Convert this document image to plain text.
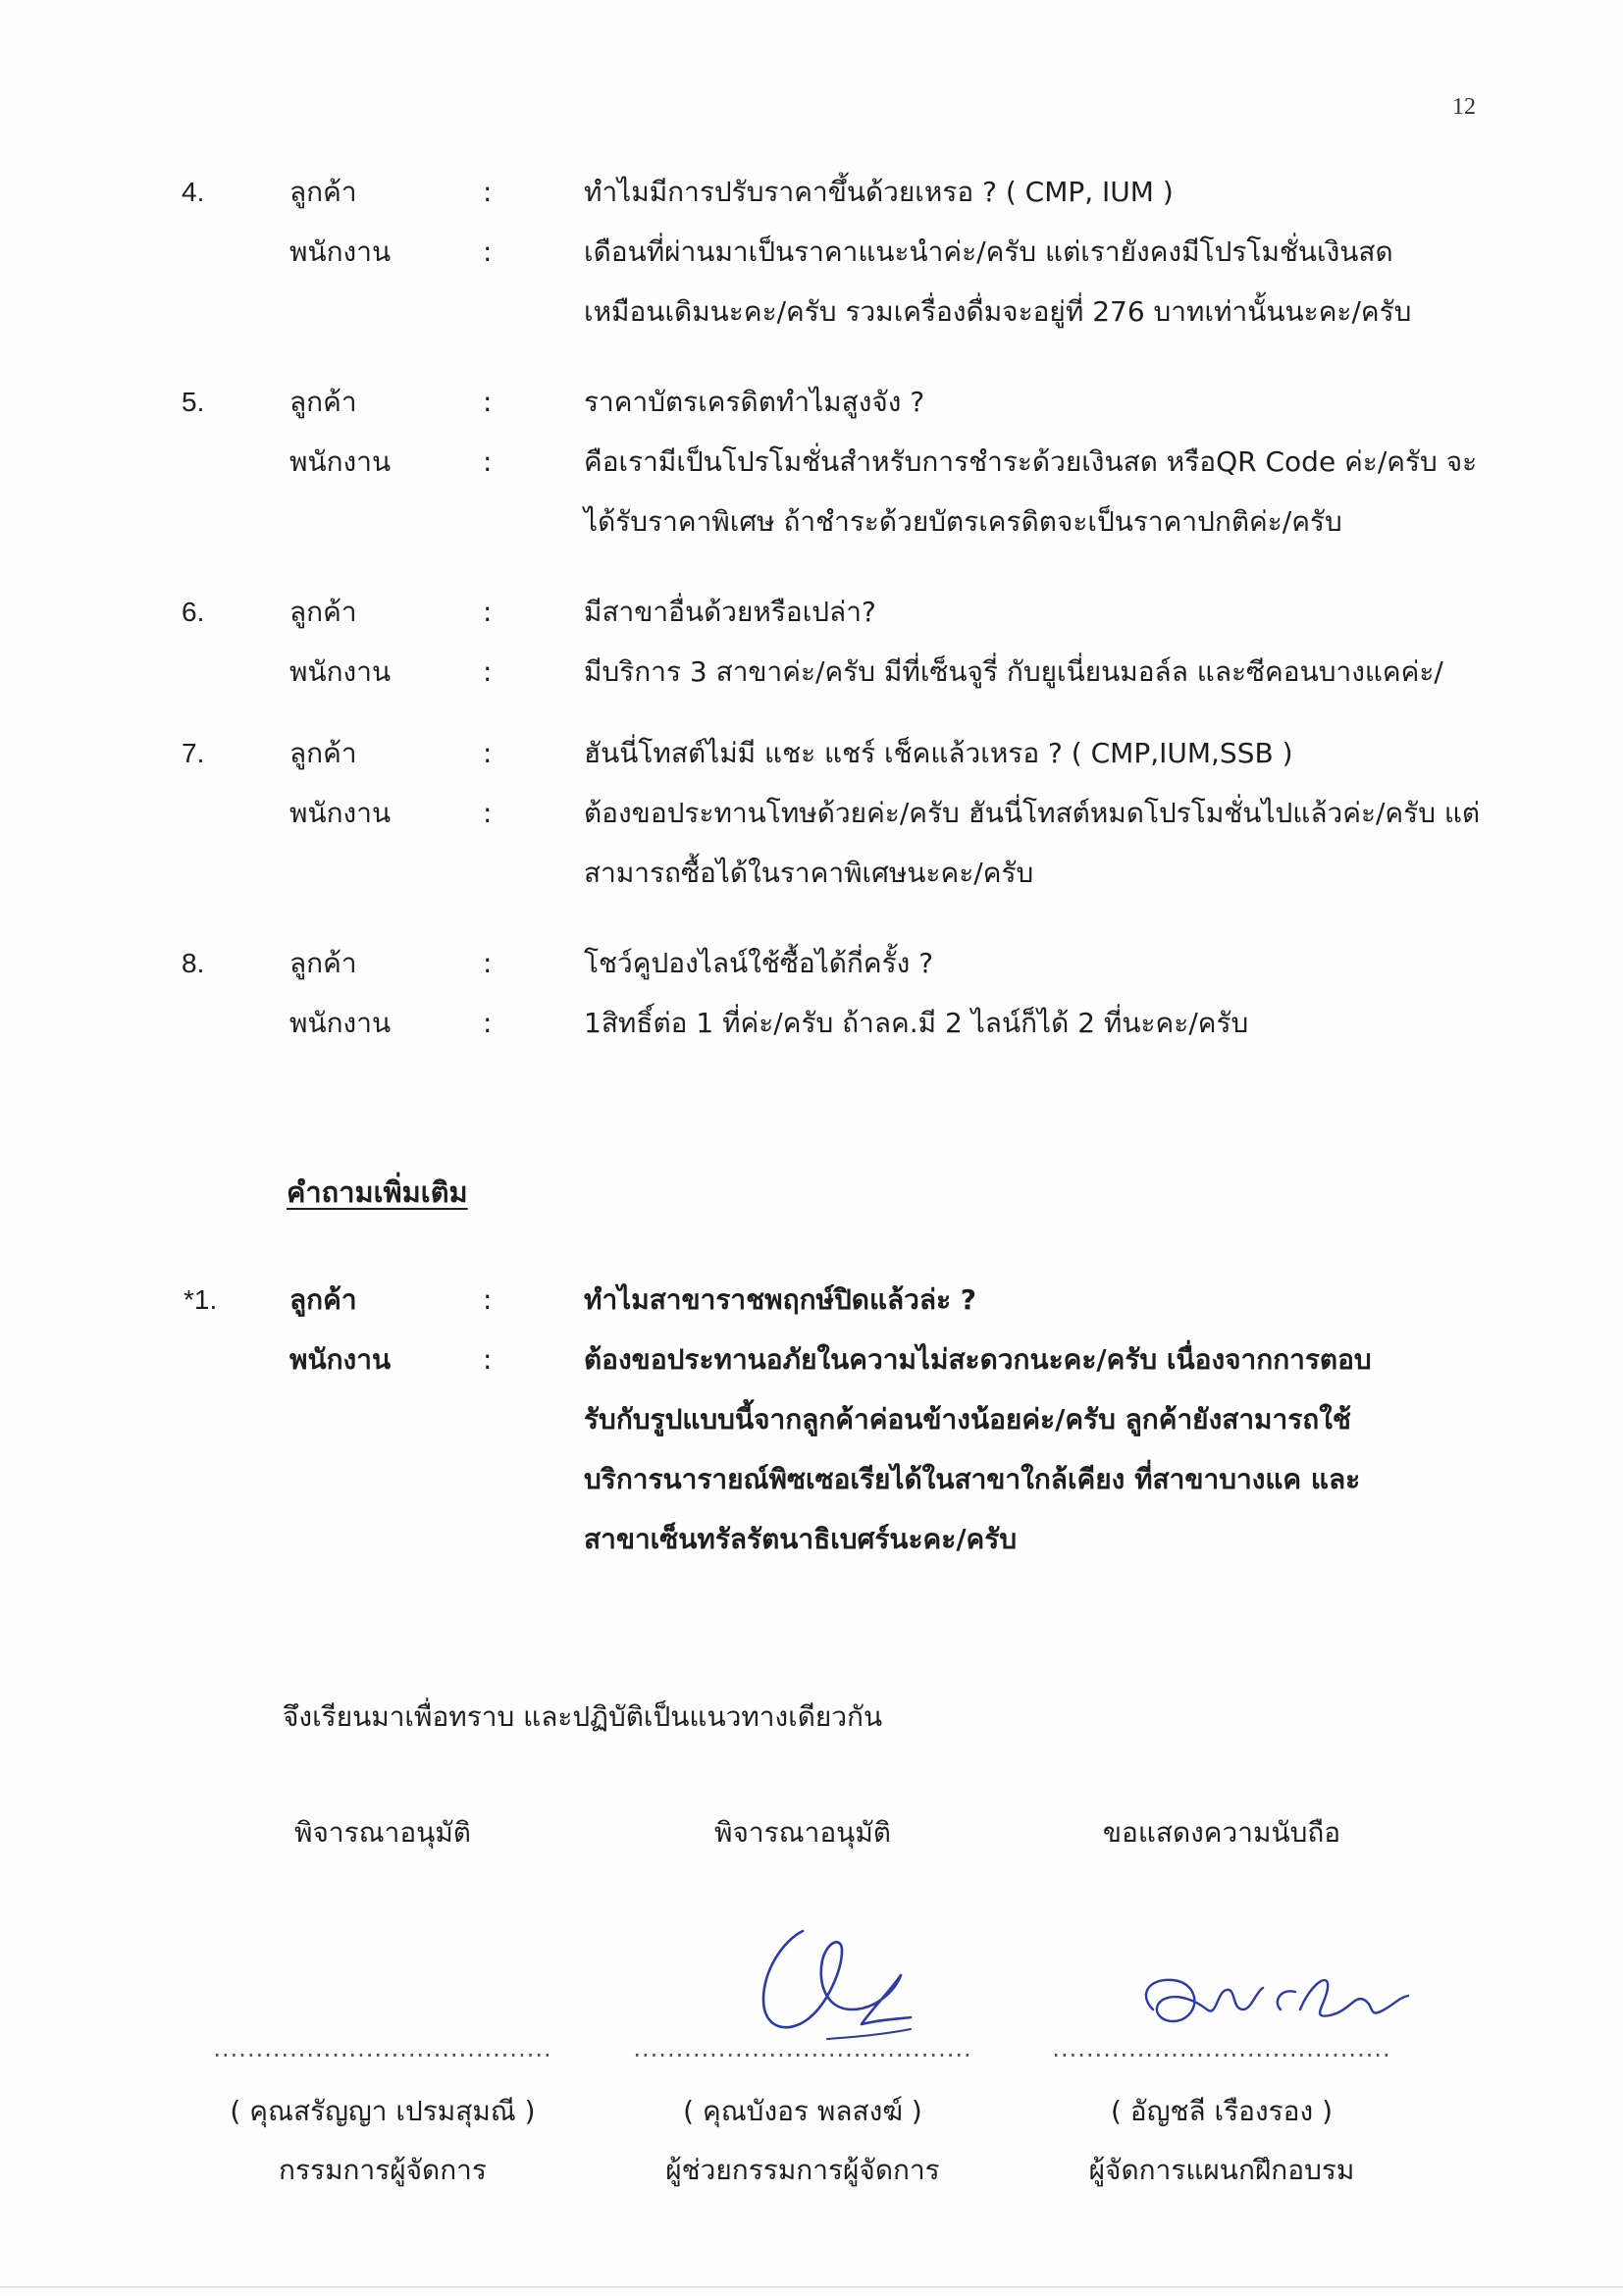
12
4.	ลูกค้า	:	ทำไมมีการปรับราคาขึ้นด้วยเหรอ ? ( CMP, IUM )
พนักงาน	:	เดือนที่ผ่านมาเป็นราคาแนะนำค่ะ/ครับ แต่เรายังคงมีโปรโมชั่นเงินสด
เหมือนเดิมนะคะ/ครับ รวมเครื่องดื่มจะอยู่ที่ 276 บาทเท่านั้นนะคะ/ครับ
5.	ลูกค้า	:	ราคาบัตรเครดิตทำไมสูงจัง ?
พนักงาน	:	คือเรามีเป็นโปรโมชั่นสำหรับการชำระด้วยเงินสด หรือQR Code ค่ะ/ครับ จะ
ได้รับราคาพิเศษ ถ้าชำระด้วยบัตรเครดิตจะเป็นราคาปกติค่ะ/ครับ
6.	ลูกค้า	:	มีสาขาอื่นด้วยหรือเปล่า?
พนักงาน	:	มีบริการ 3 สาขาค่ะ/ครับ มีที่เซ็นจูรี่ กับยูเนี่ยนมอล์ล และซีคอนบางแคค่ะ/
7.	ลูกค้า	:	ฮันนี่โทสต์ไม่มี แชะ แชร์ เช็คแล้วเหรอ ? ( CMP,IUM,SSB )
พนักงาน	:	ต้องขอประทานโทษด้วยค่ะ/ครับ ฮันนี่โทสต์หมดโปรโมชั่นไปแล้วค่ะ/ครับ แต่
สามารถซื้อได้ในราคาพิเศษนะคะ/ครับ
8.	ลูกค้า	:	โชว์คูปองไลน์ใช้ซื้อได้กี่ครั้ง ?
พนักงาน	:	1สิทธิ์ต่อ 1 ที่ค่ะ/ครับ ถ้าลค.มี 2 ไลน์ก็ได้ 2 ที่นะคะ/ครับ
คำถามเพิ่มเติม
*1.	ลูกค้า	:	ทำไมสาขาราชพฤกษ์ปิดแล้วล่ะ ?
พนักงาน	:	ต้องขอประทานอภัยในความไม่สะดวกนะคะ/ครับ เนื่องจากการตอบ
รับกับรูปแบบนี้จากลูกค้าค่อนข้างน้อยค่ะ/ครับ ลูกค้ายังสามารถใช้
บริการนารายณ์พิซเซอเรียได้ในสาขาใกล้เคียง ที่สาขาบางแค และ
สาขาเซ็นทรัลรัตนาธิเบศร์นะคะ/ครับ
จึงเรียนมาเพื่อทราบ และปฏิบัติเป็นแนวทางเดียวกัน
พิจารณาอนุมัติ
........................................
( คุณสรัญญา เปรมสุมณี )
กรรมการผู้จัดการ
พิจารณาอนุมัติ
........................................
( คุณบังอร พลสงฆ์ )
ผู้ช่วยกรรมการผู้จัดการ
ขอแสดงความนับถือ
........................................
( อัญชลี เรืองรอง )
ผู้จัดการแผนกฝึกอบรม
